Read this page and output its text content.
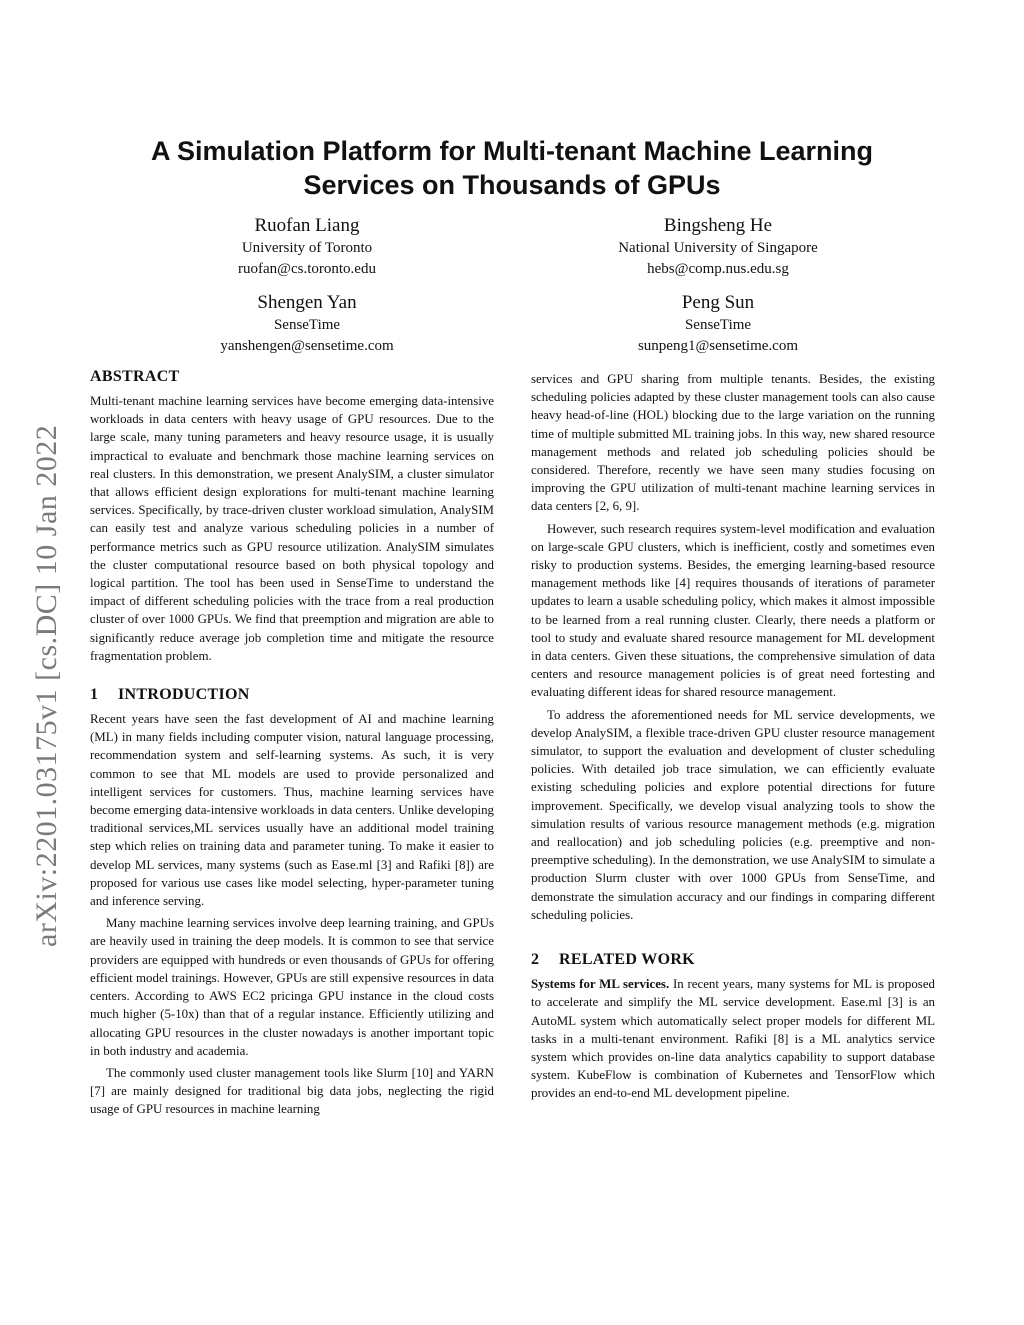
arXiv:2201.03175v1 [cs.DC] 10 Jan 2022
A Simulation Platform for Multi-tenant Machine Learning
Services on Thousands of GPUs
Ruofan Liang
University of Toronto
ruofan@cs.toronto.edu
Bingsheng He
National University of Singapore
hebs@comp.nus.edu.sg
Shengen Yan
SenseTime
yanshengen@sensetime.com
Peng Sun
SenseTime
sunpeng1@sensetime.com
ABSTRACT

Multi-tenant machine learning services have become emerging data-intensive workloads in data centers with heavy usage of GPU resources. Due to the large scale, many tuning parameters and heavy resource usage, it is usually impractical to evaluate and benchmark those machine learning services on real clusters. In this demonstration, we present AnalySIM, a cluster simulator that allows efficient design explorations for multi-tenant machine learning services. Specifically, by trace-driven cluster workload simulation, AnalySIM can easily test and analyze various scheduling policies in a number of performance metrics such as GPU resource utilization. AnalySIM simulates the cluster computational resource based on both physical topology and logical partition. The tool has been used in SenseTime to understand the impact of different scheduling policies with the trace from a real production cluster of over 1000 GPUs. We find that preemption and migration are able to significantly reduce average job completion time and mitigate the resource fragmentation problem.

1 INTRODUCTION

Recent years have seen the fast development of AI and machine learning (ML) in many fields including computer vision, natural language processing, recommendation system and self-learning systems. As such, it is very common to see that ML models are used to provide personalized and intelligent services for customers. Thus, machine learning services have become emerging data-intensive workloads in data centers. Unlike developing traditional services,ML services usually have an additional model training step which relies on training data and parameter tuning. To make it easier to develop ML services, many systems (such as Ease.ml [3] and Rafiki [8]) are proposed for various use cases like model selecting, hyper-parameter tuning and inference serving.

Many machine learning services involve deep learning training, and GPUs are heavily used in training the deep models. It is common to see that service providers are equipped with hundreds or even thousands of GPUs for offering efficient model trainings. However, GPUs are still expensive resources in data centers. According to AWS EC2 pricinga GPU instance in the cloud costs much higher (5-10x) than that of a regular instance. Efficiently utilizing and allocating GPU resources in the cluster nowadays is another important topic in both industry and academia.

The commonly used cluster management tools like Slurm [10] and YARN [7] are mainly designed for traditional big data jobs, neglecting the rigid usage of GPU resources in machine learning

services and GPU sharing from multiple tenants. Besides, the existing scheduling policies adapted by these cluster management tools can also cause heavy head-of-line (HOL) blocking due to the large variation on the running time of multiple submitted ML training jobs. In this way, new shared resource management methods and related job scheduling policies should be considered. Therefore, recently we have seen many studies focusing on improving the GPU utilization of multi-tenant machine learning services in data centers [2, 6, 9].

However, such research requires system-level modification and evaluation on large-scale GPU clusters, which is inefficient, costly and sometimes even risky to production systems. Besides, the emerging learning-based resource management methods like [4] requires thousands of iterations of parameter updates to learn a usable scheduling policy, which makes it almost impossible to be learned from a real running cluster. Clearly, there needs a platform or tool to study and evaluate shared resource management for ML development in data centers. Given these situations, the comprehensive simulation of data centers and resource management policies is of great need fortesting and evaluating different ideas for shared resource management.

To address the aforementioned needs for ML service developments, we develop AnalySIM, a flexible trace-driven GPU cluster resource management simulator, to support the evaluation and development of cluster scheduling policies. With detailed job trace simulation, we can efficiently evaluate existing scheduling policies and explore potential directions for future improvement. Specifically, we develop visual analyzing tools to show the simulation results of various resource management methods (e.g. migration and reallocation) and job scheduling policies (e.g. preemptive and non-preemptive scheduling). In the demonstration, we use AnalySIM to simulate a production Slurm cluster with over 1000 GPUs from SenseTime, and demonstrate the simulation accuracy and our findings in comparing different scheduling policies.

2 RELATED WORK

Systems for ML services. In recent years, many systems for ML is proposed to accelerate and simplify the ML service development. Ease.ml [3] is an AutoML system which automatically select proper models for different ML tasks in a multi-tenant environment. Rafiki [8] is a ML analytics service system which provides on-line data analytics capability to support database system. KubeFlow is combination of Kubernetes and TensorFlow which provides an end-to-end ML development pipeline.
